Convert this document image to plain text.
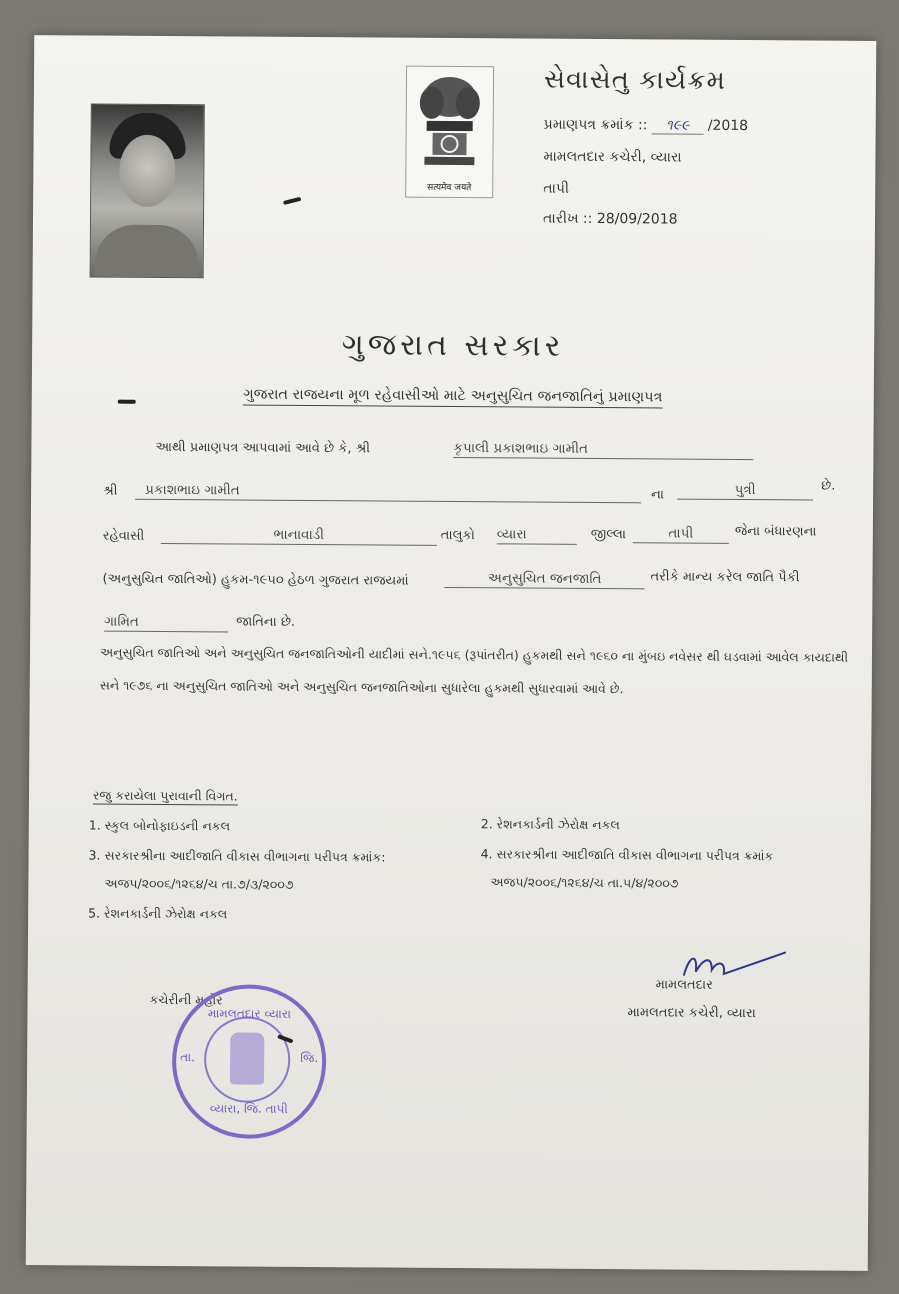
सत्यमेव जयते
સેવાસેતુ કાર્યક્રમ
પ્રમાણપત્ર ક્રમાંક :: ૧૯૯ /2018
મામલતદાર કચેરી, વ્યારા
તાપી
તારીખ :: 28/09/2018
ગુજરાત સરકાર
ગુજરાત રાજયના મૂળ રહેવાસીઓ માટે અનુસુચિત જનજાતિનું પ્રમાણપત્ર
આથી પ્રમાણપત્ર આપવામાં આવે છે કે, શ્રી	કૃપાલી પ્રકાશભાઇ ગામીત
શ્રી	પ્રકાશભાઇ ગામીત	ના	પુત્રી	છે.
રહેવાસી	ભાનાવાડી	તાલુકો વ્યારા	જીલ્લા	તાપી	જેના બંધારણના
(અનુસુચિત જાતિઓ) હુકમ-૧૯૫૦ હેઠળ ગુજરાત રાજયમાં	અનુસુચિત જનજાતિ	તરીકે માન્ય કરેલ જાતિ પૈકી
ગામિત	જાતિના છે.
અનુસુચિત જાતિઓ અને અનુસુચિત જનજાતિઓની યાદીમાં સને.૧૯૫૬ (રૂપાંતરીત) હુકમથી સને ૧૯૬૦ ના મુંબઇ નવેસર થી ઘડવામાં આવેલ કાયદાથી સને ૧૯૭૬ ના અનુસુચિત જાતિઓ અને અનુસુચિત જનજાતિઓના સુધારેલા હુકમથી સુધારવામાં આવે છે.
રજુ કરાયેલા પુરાવાની વિગત.
1. સ્કુલ બોનોફાઇડની નકલ	2. રેશનકાર્ડની ઝેરોક્ષ નકલ
3. સરકારશ્રીના આદીજાતિ વીકાસ વીભાગના પરીપત્ર ક્રમાંક:	4. સરકારશ્રીના આદીજાતિ વીકાસ વીભાગના પરીપત્ર ક્રમાંક
અજપ/૨૦૦૬/૧૨૬૪/ચ તા.૭/૩/૨૦૦૭	અજપ/૨૦૦૬/૧૨૬૪/ચ તા.૫/૪/૨૦૦૭
5. રેશનકાર્ડની ઝેરોક્ષ નકલ
કચેરીની મહોર
મામલતદાર વ્યારા
તા.	જિ.
વ્યારા, જિ. તાપી
મામલતદાર
મામલતદાર કચેરી, વ્યારા
